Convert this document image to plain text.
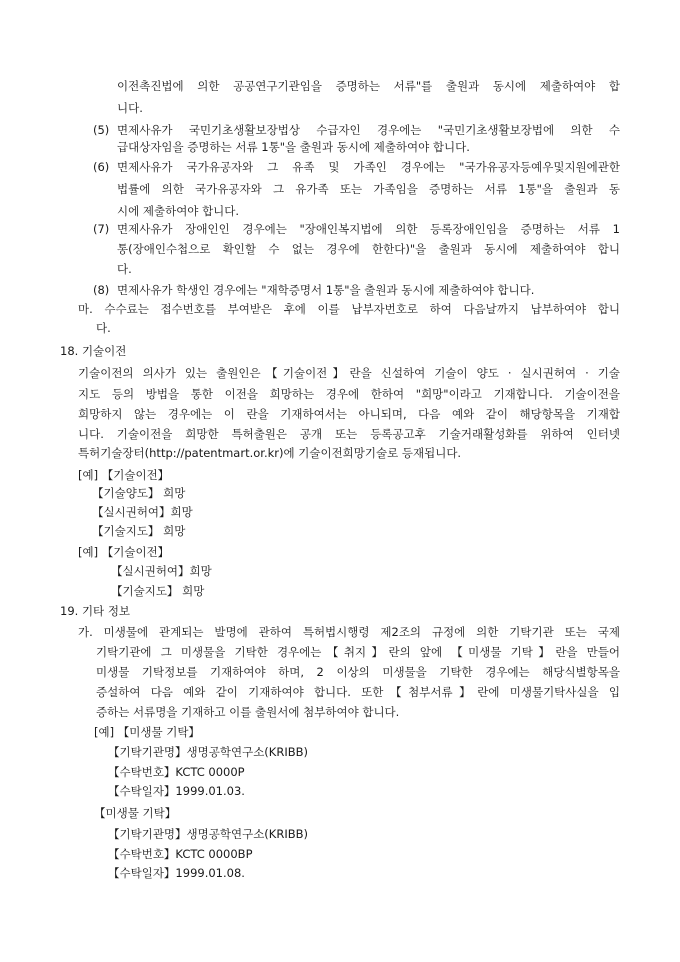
이전촉진법에 의한 공공연구기관임을 증명하는 서류"를 출원과 동시에 제출하여야 합
니다.
(5) 면제사유가 국민기초생활보장법상 수급자인 경우에는 "국민기초생활보장법에 의한 수
급대상자임을 증명하는 서류 1통"을 출원과 동시에 제출하여야 합니다.
(6) 면제사유가 국가유공자와 그 유족 및 가족인 경우에는 "국가유공자등예우및지원에관한
법률에 의한 국가유공자와 그 유가족 또는 가족임을 증명하는 서류 1통"을 출원과 동
시에 제출하여야 합니다.
(7) 면제사유가 장애인인 경우에는 "장애인복지법에 의한 등록장애인임을 증명하는 서류 1
통(장애인수첩으로 확인할 수 없는 경우에 한한다)"을 출원과 동시에 제출하여야 합니
다.
(8) 면제사유가 학생인 경우에는 "재학증명서 1통"을 출원과 동시에 제출하여야 합니다.
마. 수수료는 접수번호를 부여받은 후에 이를 납부자번호로 하여 다음날까지 납부하여야 합니
다.
18. 기술이전
기술이전의 의사가 있는 출원인은【기술이전】란을 신설하여 기술이 양도 · 실시권허여 · 기술
지도 등의 방법을 통한 이전을 희망하는 경우에 한하여 "희망"이라고 기재합니다. 기술이전을
희망하지 않는 경우에는 이 란을 기재하여서는 아니되며, 다음 예와 같이 해당항목을 기재합
니다. 기술이전을 희망한 특허출원은 공개 또는 등록공고후 기술거래활성화를 위하여 인터넷
특허기술장터(http://patentmart.or.kr)에 기술이전희망기술로 등재됩니다.
[예] 【기술이전】
【기술양도】 희망
【실시권허여】희망
【기술지도】 희망
[예] 【기술이전】
【실시권허여】희망
【기술지도】 희망
19. 기타 정보
가. 미생물에 관계되는 발명에 관하여 특허법시행령 제2조의 규정에 의한 기탁기관 또는 국제
기탁기관에 그 미생물을 기탁한 경우에는【취지】란의 앞에 【미생물 기탁】란을 만들어
미생물 기탁정보를 기재하여야 하며, 2 이상의 미생물을 기탁한 경우에는 해당식별항목을
증설하여 다음 예와 같이 기재하여야 합니다. 또한【첨부서류】란에 미생물기탁사실을 입
증하는 서류명을 기재하고 이를 출원서에 첨부하여야 합니다.
[예] 【미생물 기탁】
【기탁기관명】생명공학연구소(KRIBB)
【수탁번호】KCTC 0000P
【수탁일자】1999.01.03.
【미생물 기탁】
【기탁기관명】생명공학연구소(KRIBB)
【수탁번호】KCTC 0000BP
【수탁일자】1999.01.08.
